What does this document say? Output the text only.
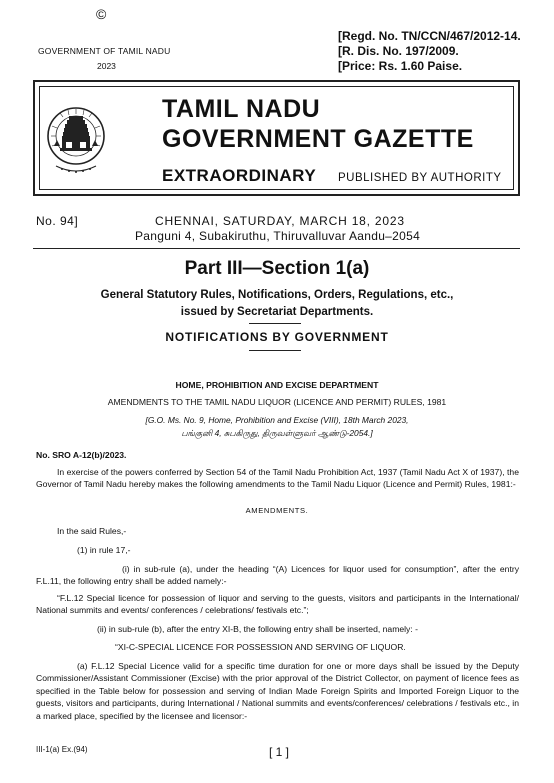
©
GOVERNMENT OF TAMIL NADU
2023
[Regd. No. TN/CCN/467/2012-14.
[R. Dis. No. 197/2009.
[Price: Rs. 1.60 Paise.
TAMIL NADU
GOVERNMENT GAZETTE
EXTRAORDINARY PUBLISHED BY AUTHORITY
No. 94]	CHENNAI, SATURDAY, MARCH 18, 2023
Panguni 4, Subakiruthu, Thiruvalluvar Aandu–2054
Part III—Section 1(a)
General Statutory Rules, Notifications, Orders, Regulations, etc.,
issued by Secretariat Departments.
NOTIFICATIONS BY GOVERNMENT
HOME, PROHIBITION AND EXCISE DEPARTMENT
AMENDMENTS TO THE TAMIL NADU LIQUOR (LICENCE AND PERMIT) RULES, 1981
[G.O. Ms. No. 9, Home, Prohibition and Excise (VIII), 18th March 2023,
பங்குனி 4, சுபகிருது, திருவள்ளுவர் ஆண்டு-2054.]
No. SRO A-12(b)/2023.
In exercise of the powers conferred by Section 54 of the Tamil Nadu Prohibition Act, 1937 (Tamil Nadu Act X of 1937), the Governor of Tamil Nadu hereby makes the following amendments to the Tamil Nadu Liquor (Licence and Permit) Rules, 1981:-
AMENDMENTS.
In the said Rules,-
(1) in rule 17,-
(i) in sub-rule (a), under the heading “(A) Licences for liquor used for consumption”, after the entry F.L.11, the following entry shall be added namely:-
“F.L.12 Special licence for possession of liquor and serving to the guests, visitors and participants in the International/ National summits and events/ conferences / celebrations/ festivals etc.”;
(ii) in sub-rule (b), after the entry XI-B, the following entry shall be inserted, namely: -
“XI-C-SPECIAL LICENCE FOR POSSESSION AND SERVING OF LIQUOR.
(a) F.L.12 Special Licence valid for a specific time duration for one or more days shall be issued by the Deputy Commissioner/Assistant Commissioner (Excise) with the prior approval of the District Collector, on payment of licence fees as specified in the Table below for possession and serving of Indian Made Foreign Spirits and Imported Foreign Liquor to the guests, visitors and participants, during International / National summits and events/conferences/ celebrations / festivals etc., in a marked place, specified by the licensee and licensor:-
III-1(a) Ex.(94)	[ 1 ]
